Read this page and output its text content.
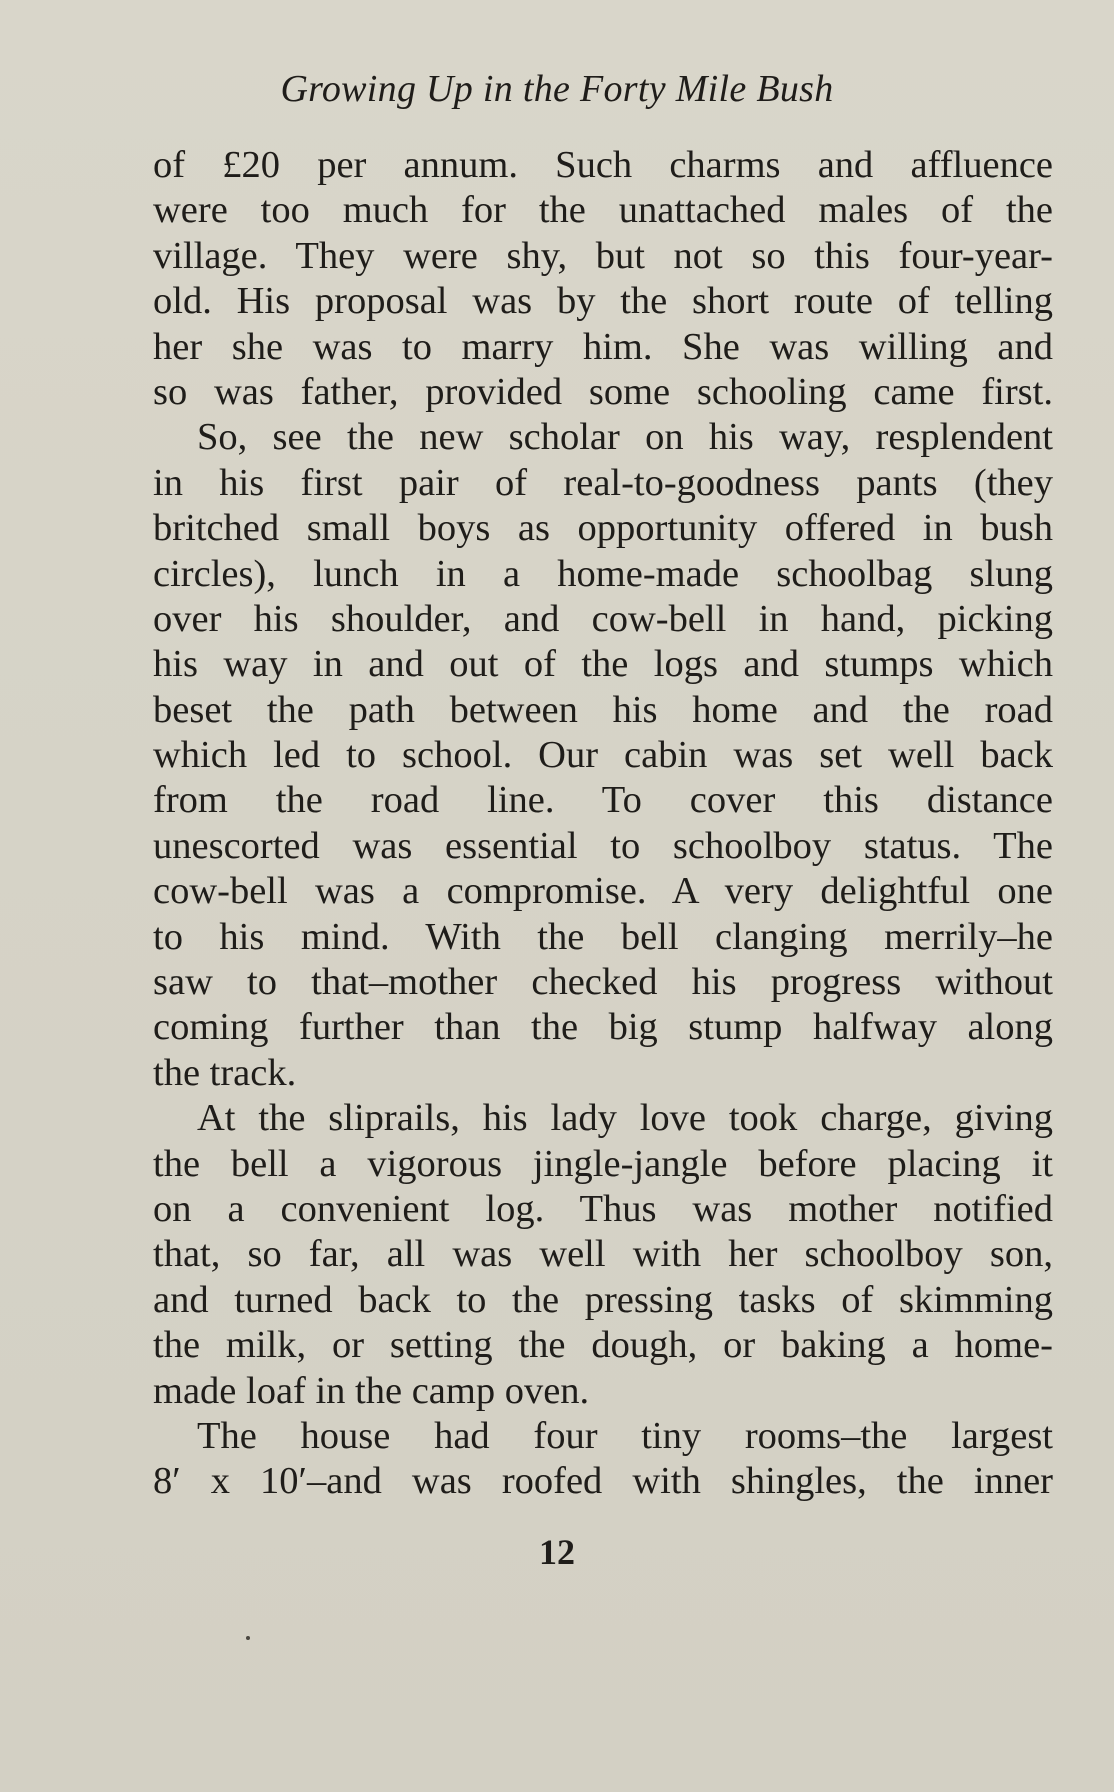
Growing Up in the Forty Mile Bush
of £20 per annum. Such charms and affluence
were too much for the unattached males of the
village. They were shy, but not so this four-year-
old. His proposal was by the short route of telling
her she was to marry him. She was willing and
so was father, provided some schooling came first.
So, see the new scholar on his way, resplendent
in his first pair of real-to-goodness pants (they
britched small boys as opportunity offered in bush
circles), lunch in a home-made schoolbag slung
over his shoulder, and cow-bell in hand, picking
his way in and out of the logs and stumps which
beset the path between his home and the road
which led to school. Our cabin was set well back
from the road line. To cover this distance
unescorted was essential to schoolboy status. The
cow-bell was a compromise. A very delightful one
to his mind. With the bell clanging merrily–he
saw to that–mother checked his progress without
coming further than the big stump halfway along
the track.
At the sliprails, his lady love took charge, giving
the bell a vigorous jingle-jangle before placing it
on a convenient log. Thus was mother notified
that, so far, all was well with her schoolboy son,
and turned back to the pressing tasks of skimming
the milk, or setting the dough, or baking a home-
made loaf in the camp oven.
The house had four tiny rooms–the largest
8′ x 10′–and was roofed with shingles, the inner
12
